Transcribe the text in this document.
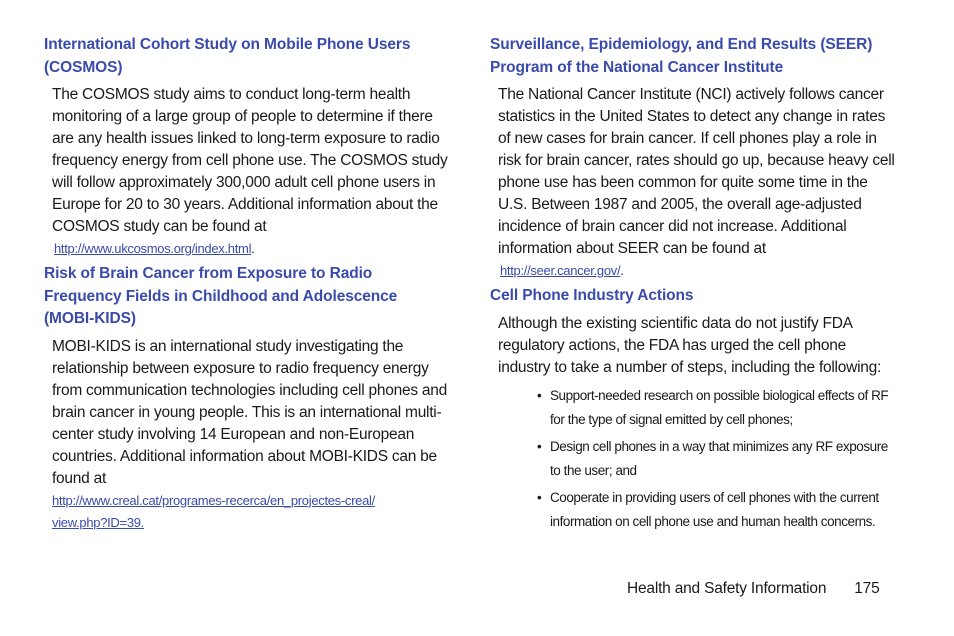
International Cohort Study on Mobile Phone Users
(COSMOS)

The COSMOS study aims to conduct long-term health monitoring of a large group of people to determine if there are any health issues linked to long-term exposure to radio frequency energy from cell phone use. The COSMOS study will follow approximately 300,000 adult cell phone users in Europe for 20 to 30 years. Additional information about the COSMOS study can be found at

http://www.ukcosmos.org/index.html.
Risk of Brain Cancer from Exposure to Radio
Frequency Fields in Childhood and Adolescence
(MOBI-KIDS)

MOBI-KIDS is an international study investigating the relationship between exposure to radio frequency energy from communication technologies including cell phones and brain cancer in young people. This is an international multi-center study involving 14 European and non-European countries. Additional information about MOBI-KIDS can be found at

http://www.creal.cat/programes-recerca/en_projectes-creal/
view.php?ID=39.
Surveillance, Epidemiology, and End Results (SEER)
Program of the National Cancer Institute

The National Cancer Institute (NCI) actively follows cancer statistics in the United States to detect any change in rates of new cases for brain cancer. If cell phones play a role in risk for brain cancer, rates should go up, because heavy cell phone use has been common for quite some time in the U.S. Between 1987 and 2005, the overall age-adjusted incidence of brain cancer did not increase. Additional information about SEER can be found at

http://seer.cancer.gov/.
Cell Phone Industry Actions

Although the existing scientific data do not justify FDA regulatory actions, the FDA has urged the cell phone industry to take a number of steps, including the following:

• Support-needed research on possible biological effects of RF for the type of signal emitted by cell phones;
• Design cell phones in a way that minimizes any RF exposure to the user; and
• Cooperate in providing users of cell phones with the current information on cell phone use and human health concerns.
Health and Safety Information 175
